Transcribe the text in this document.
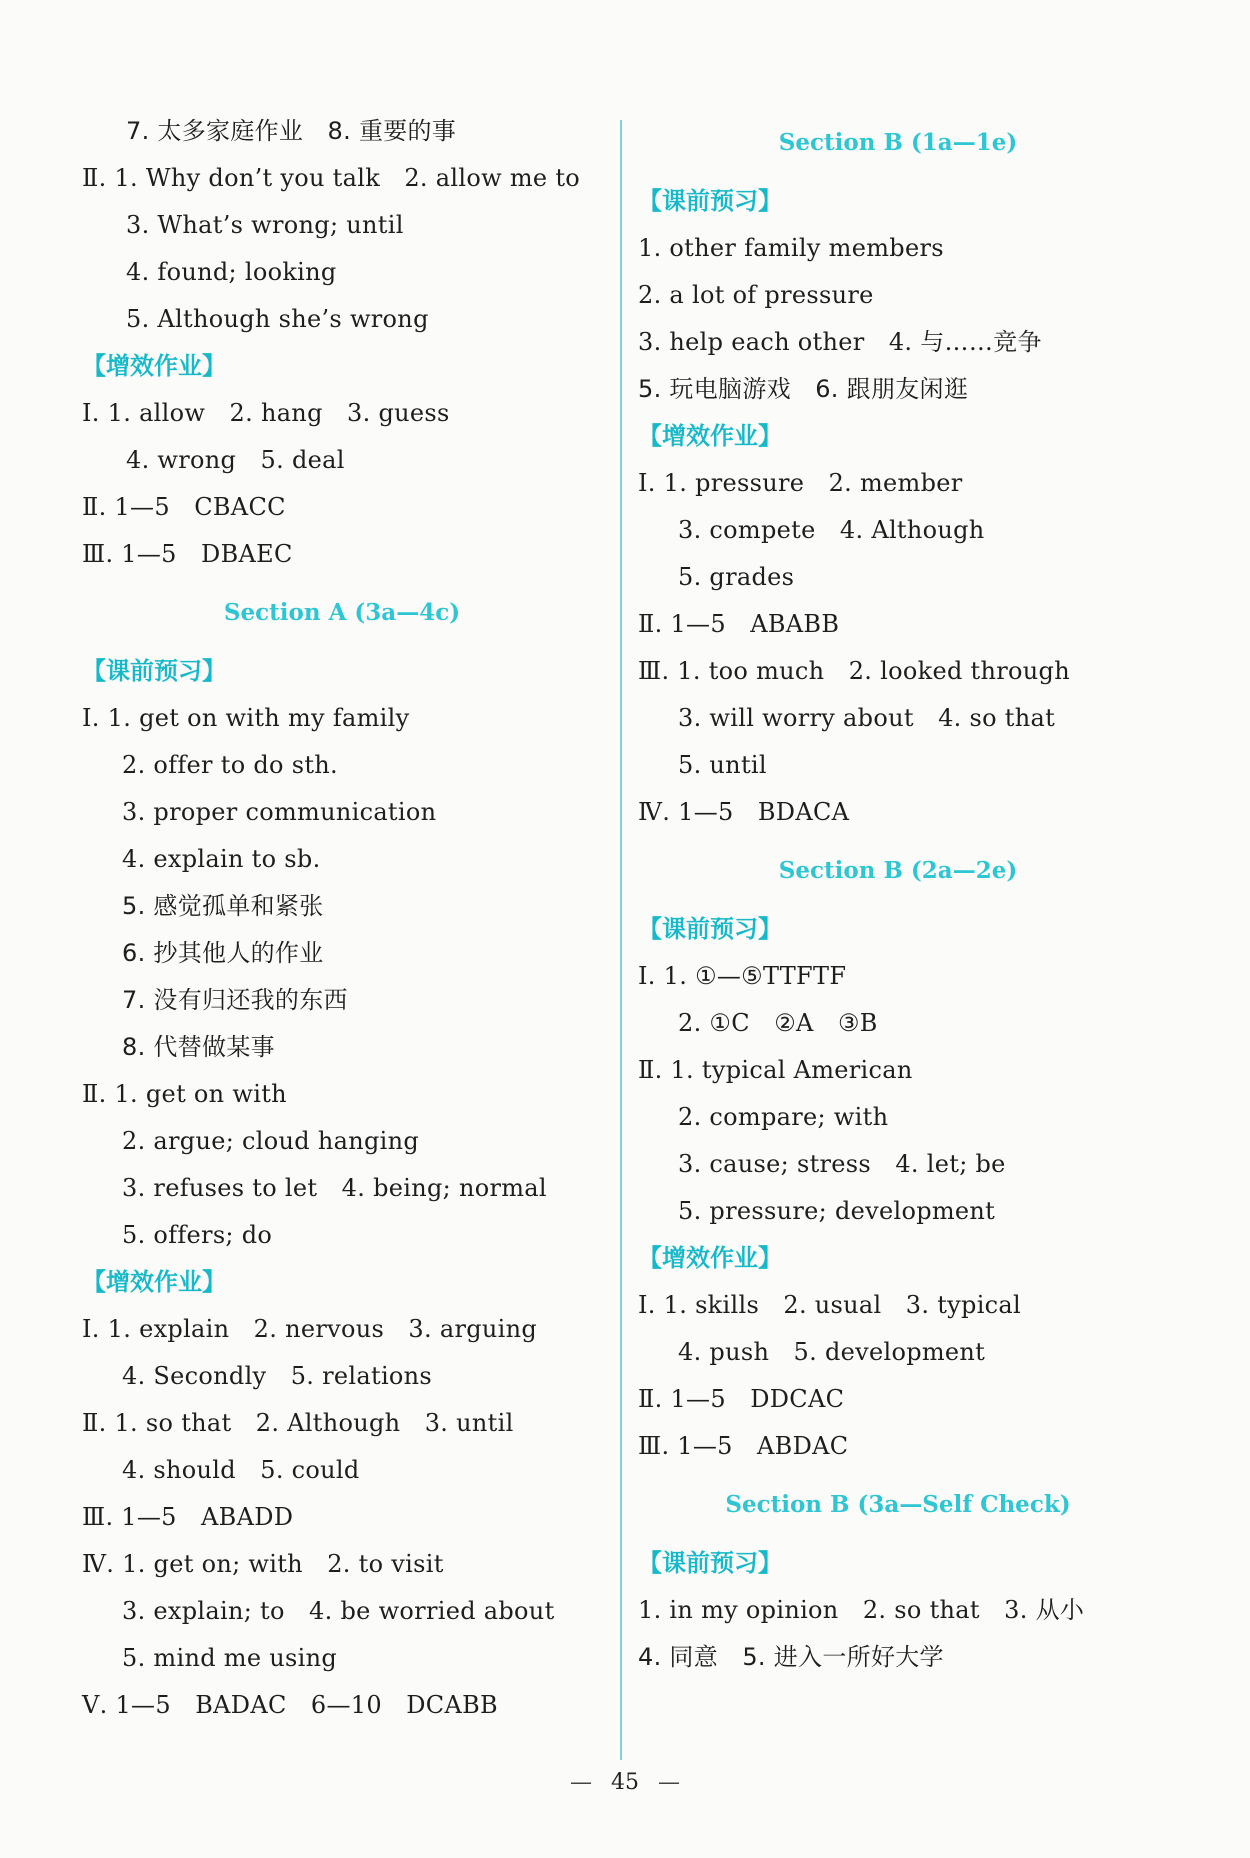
7. 太多家庭作业　8. 重要的事
Ⅱ. 1. Why don’t you talk　2. allow me to
3. What’s wrong; until
4. found; looking
5. Although she’s wrong
【增效作业】
Ⅰ. 1. allow　2. hang　3. guess
4. wrong　5. deal
Ⅱ. 1—5　CBACC
Ⅲ. 1—5　DBAEC
Section A (3a—4c)
【课前预习】
Ⅰ. 1. get on with my family
2. offer to do sth.
3. proper communication
4. explain to sb.
5. 感觉孤单和紧张
6. 抄其他人的作业
7. 没有归还我的东西
8. 代替做某事
Ⅱ. 1. get on with
2. argue; cloud hanging
3. refuses to let　4. being; normal
5. offers; do
【增效作业】
Ⅰ. 1. explain　2. nervous　3. arguing
4. Secondly　5. relations
Ⅱ. 1. so that　2. Although　3. until
4. should　5. could
Ⅲ. 1—5　ABADD
Ⅳ. 1. get on; with　2. to visit
3. explain; to　4. be worried about
5. mind me using
Ⅴ. 1—5　BADAC　6—10　DCABB
Section B (1a—1e)
【课前预习】
1. other family members
2. a lot of pressure
3. help each other　4. 与……竞争
5. 玩电脑游戏　6. 跟朋友闲逛
【增效作业】
Ⅰ. 1. pressure　2. member
3. compete　4. Although
5. grades
Ⅱ. 1—5　ABABB
Ⅲ. 1. too much　2. looked through
3. will worry about　4. so that
5. until
Ⅳ. 1—5　BDACA
Section B (2a—2e)
【课前预习】
Ⅰ. 1. ①—⑤TTFTF
2. ①C　②A　③B
Ⅱ. 1. typical American
2. compare; with
3. cause; stress　4. let; be
5. pressure; development
【增效作业】
Ⅰ. 1. skills　2. usual　3. typical
4. push　5. development
Ⅱ. 1—5　DDCAC
Ⅲ. 1—5　ABDAC
Section B (3a—Self Check)
【课前预习】
1. in my opinion　2. so that　3. 从小
4. 同意　5. 进入一所好大学
— 45 —
